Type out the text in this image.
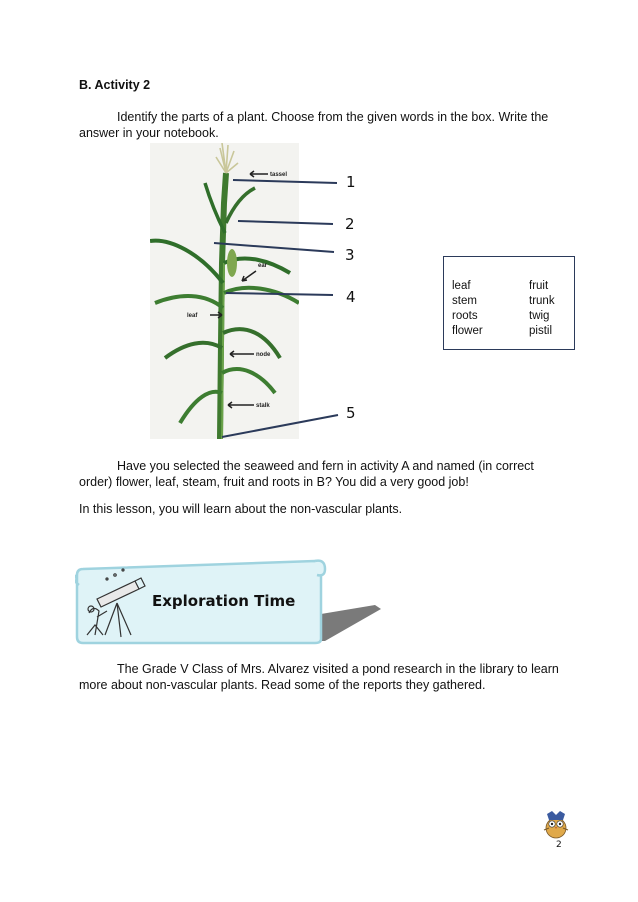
B. Activity 2
Identify the parts of a plant. Choose from the given words in the box. Write the answer in your notebook.
tassel
ear
leaf
node
stalk
1
2
3
4
5
leaf
stem
roots
flower
fruit
trunk
twig
pistil
Have you selected the seaweed and fern in activity A and named (in correct order) flower, leaf, steam, fruit and roots in B? You did a very good job!
In this lesson, you will learn about the non-vascular plants.
Exploration Time
The Grade V Class of Mrs. Alvarez visited a pond research in the library to learn more about non-vascular plants. Read some of the reports they gathered.
2
